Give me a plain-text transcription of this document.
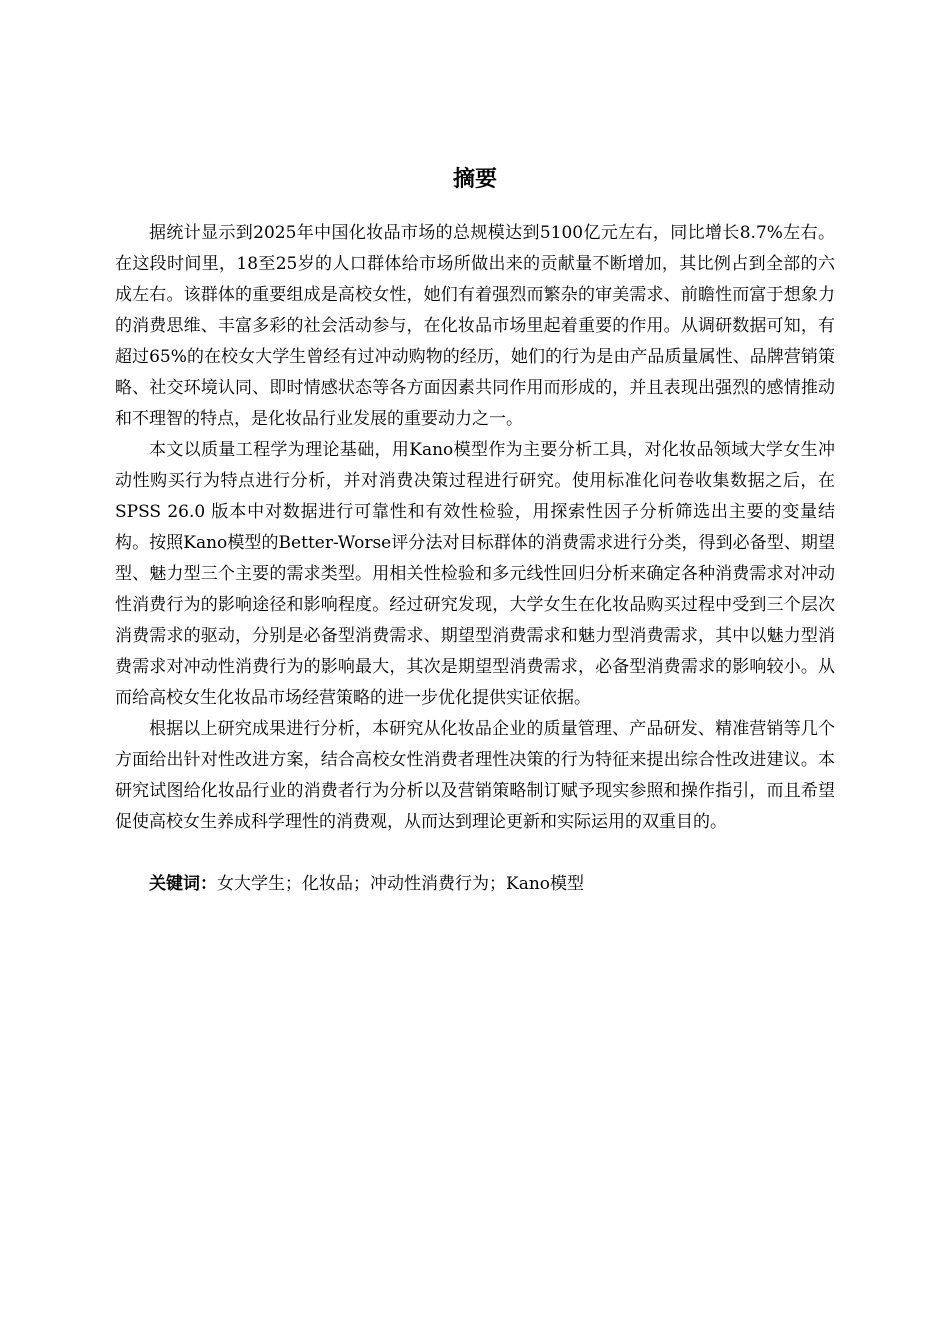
摘要

据统计显示到2025年中国化妆品市场的总规模达到5100亿元左右，同比增长8.7%左右。在这段时间里，18至25岁的人口群体给市场所做出来的贡献量不断增加，其比例占到全部的六成左右。该群体的重要组成是高校女性，她们有着强烈而繁杂的审美需求、前瞻性而富于想象力的消费思维、丰富多彩的社会活动参与，在化妆品市场里起着重要的作用。从调研数据可知，有超过65%的在校女大学生曾经有过冲动购物的经历，她们的行为是由产品质量属性、品牌营销策略、社交环境认同、即时情感状态等各方面因素共同作用而形成的，并且表现出强烈的感情推动和不理智的特点，是化妆品行业发展的重要动力之一。

本文以质量工程学为理论基础，用Kano模型作为主要分析工具，对化妆品领域大学女生冲动性购买行为特点进行分析，并对消费决策过程进行研究。使用标准化问卷收集数据之后，在 SPSS 26.0 版本中对数据进行可靠性和有效性检验，用探索性因子分析筛选出主要的变量结构。按照Kano模型的Better-Worse评分法对目标群体的消费需求进行分类，得到必备型、期望型、魅力型三个主要的需求类型。用相关性检验和多元线性回归分析来确定各种消费需求对冲动性消费行为的影响途径和影响程度。经过研究发现，大学女生在化妆品购买过程中受到三个层次消费需求的驱动，分别是必备型消费需求、期望型消费需求和魅力型消费需求，其中以魅力型消费需求对冲动性消费行为的影响最大，其次是期望型消费需求，必备型消费需求的影响较小。从而给高校女生化妆品市场经营策略的进一步优化提供实证依据。

根据以上研究成果进行分析，本研究从化妆品企业的质量管理、产品研发、精准营销等几个方面给出针对性改进方案，结合高校女性消费者理性决策的行为特征来提出综合性改进建议。本研究试图给化妆品行业的消费者行为分析以及营销策略制订赋予现实参照和操作指引，而且希望促使高校女生养成科学理性的消费观，从而达到理论更新和实际运用的双重目的。

关键词：女大学生；化妆品；冲动性消费行为；Kano模型
